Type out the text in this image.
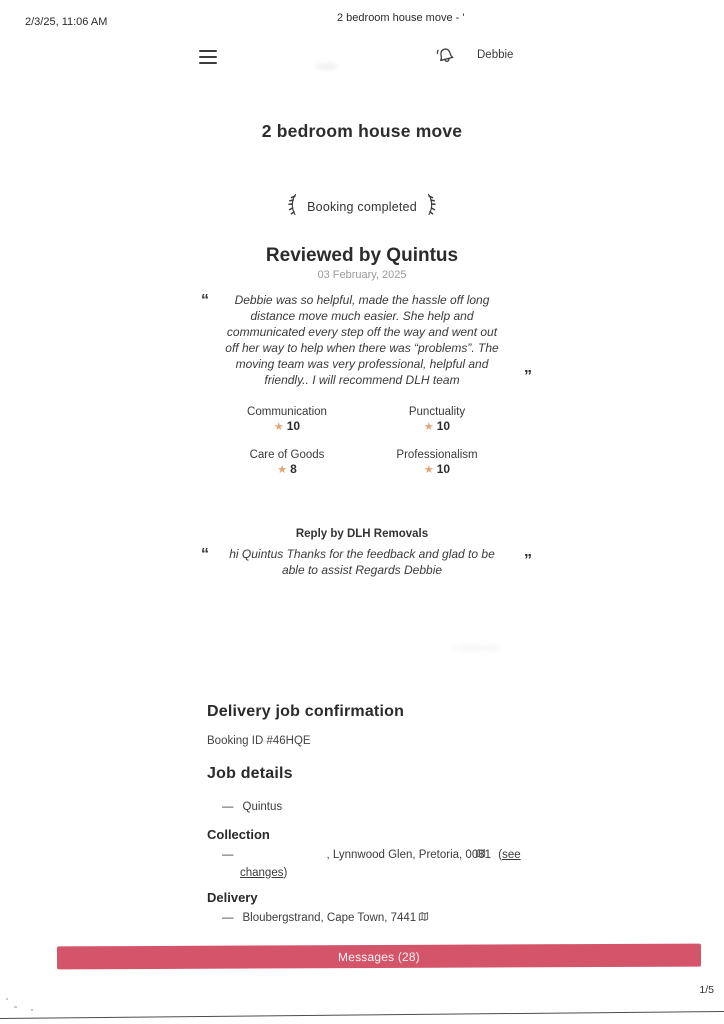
2/3/25, 11:06 AM	2 bedroom house move - '
Debbie
2 bedroom house move
Booking completed
Reviewed by Quintus
03 February, 2025
“	Debbie was so helpful, made the hassle off long distance move much easier. She help and communicated every step off the way and went out off her way to help when there was “problems”. The moving team was very professional, helpful and friendly.. I will recommend DLH team	”
Communication
★ 10
Punctuality
★ 10
Care of Goods
★ 8
Professionalism
★ 10
Reply by DLH Removals
“	hi Quintus Thanks for the feedback and glad to be able to assist Regards Debbie

”
Delivery job confirmation
Booking ID #46HQE
Job details
— Quintus
Collection
—	, Lynnwood Glen, Pretoria, 0081 (see changes)
Delivery
— Bloubergstrand, Cape Town, 7441
Messages (28)
1/5
